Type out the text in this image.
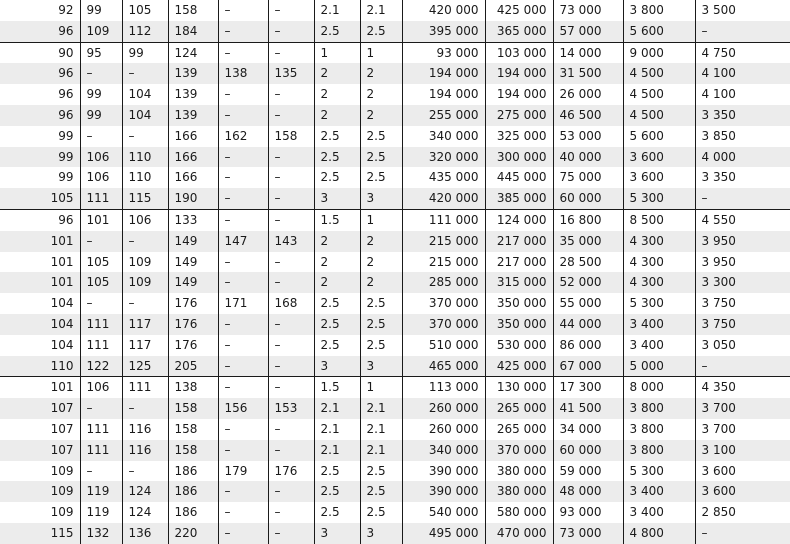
92	99	105	158	–	–	2.1	2.1	420 000	425 000	73 000	3 800	3 500
96	109	112	184	–	–	2.5	2.5	395 000	365 000	57 000	5 600	–
90	95	99	124	–	–	1	1	93 000	103 000	14 000	9 000	4 750
96	–	–	139	138	135	2	2	194 000	194 000	31 500	4 500	4 100
96	99	104	139	–	–	2	2	194 000	194 000	26 000	4 500	4 100
96	99	104	139	–	–	2	2	255 000	275 000	46 500	4 500	3 350
99	–	–	166	162	158	2.5	2.5	340 000	325 000	53 000	5 600	3 850
99	106	110	166	–	–	2.5	2.5	320 000	300 000	40 000	3 600	4 000
99	106	110	166	–	–	2.5	2.5	435 000	445 000	75 000	3 600	3 350
105	111	115	190	–	–	3	3	420 000	385 000	60 000	5 300	–
96	101	106	133	–	–	1.5	1	111 000	124 000	16 800	8 500	4 550
101	–	–	149	147	143	2	2	215 000	217 000	35 000	4 300	3 950
101	105	109	149	–	–	2	2	215 000	217 000	28 500	4 300	3 950
101	105	109	149	–	–	2	2	285 000	315 000	52 000	4 300	3 300
104	–	–	176	171	168	2.5	2.5	370 000	350 000	55 000	5 300	3 750
104	111	117	176	–	–	2.5	2.5	370 000	350 000	44 000	3 400	3 750
104	111	117	176	–	–	2.5	2.5	510 000	530 000	86 000	3 400	3 050
110	122	125	205	–	–	3	3	465 000	425 000	67 000	5 000	–
101	106	111	138	–	–	1.5	1	113 000	130 000	17 300	8 000	4 350
107	–	–	158	156	153	2.1	2.1	260 000	265 000	41 500	3 800	3 700
107	111	116	158	–	–	2.1	2.1	260 000	265 000	34 000	3 800	3 700
107	111	116	158	–	–	2.1	2.1	340 000	370 000	60 000	3 800	3 100
109	–	–	186	179	176	2.5	2.5	390 000	380 000	59 000	5 300	3 600
109	119	124	186	–	–	2.5	2.5	390 000	380 000	48 000	3 400	3 600
109	119	124	186	–	–	2.5	2.5	540 000	580 000	93 000	3 400	2 850
115	132	136	220	–	–	3	3	495 000	470 000	73 000	4 800	–
